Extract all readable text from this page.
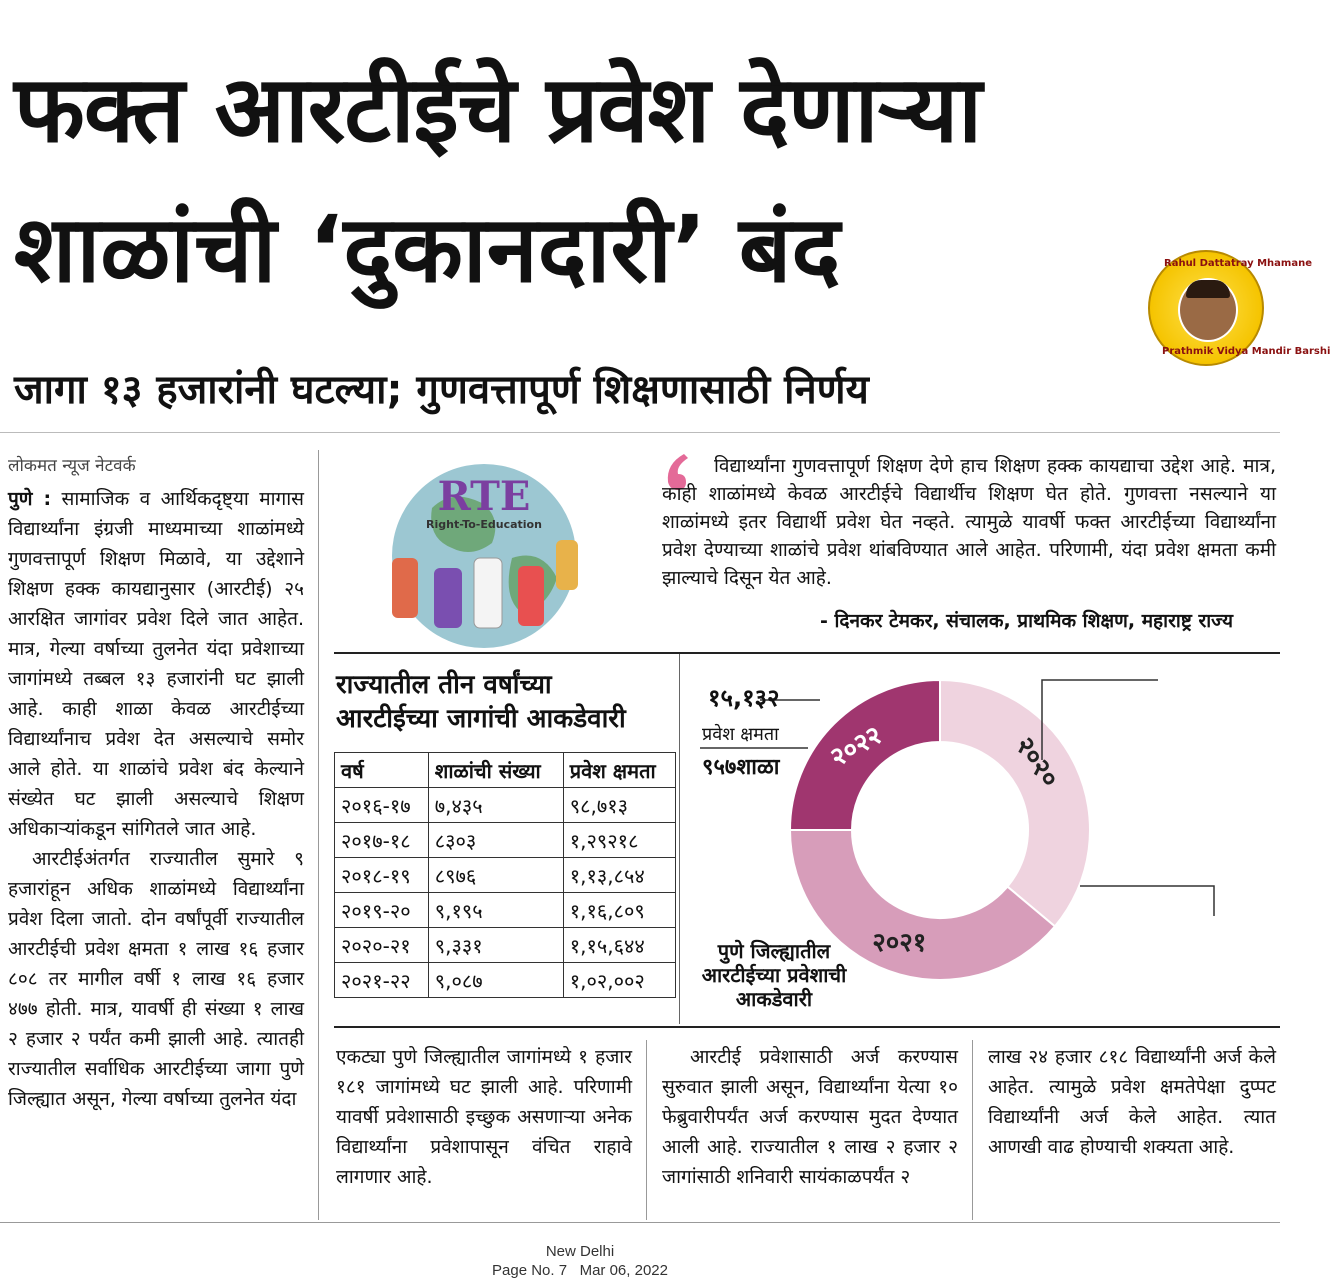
फक्त आरटीईचे प्रवेश देणाऱ्या
शाळांची ‘दुकानदारी’ बंद
जागा १३ हजारांनी घटल्या; गुणवत्तापूर्ण शिक्षणासाठी निर्णय
Rahul Dattatray Mhamane
Prathmik Vidya Mandir Barshi
लोकमत न्यूज नेटवर्क

पुणे : सामाजिक व आर्थिकदृष्ट्या मागास विद्यार्थ्यांना इंग्रजी माध्यमाच्या शाळांमध्ये गुणवत्तापूर्ण शिक्षण मिळावे, या उद्देशाने शिक्षण हक्क कायद्यानुसार (आरटीई) २५ आरक्षित जागांवर प्रवेश दिले जात आहेत. मात्र, गेल्या वर्षाच्या तुलनेत यंदा प्रवेशाच्या जागांमध्ये तब्बल १३ हजारांनी घट झाली आहे. काही शाळा केवळ आरटीईच्या विद्यार्थ्यांनाच प्रवेश देत असल्याचे समोर आले होते. या शाळांचे प्रवेश बंद केल्याने संख्येत घट झाली असल्याचे शिक्षण अधिकाऱ्यांकडून सांगितले जात आहे.

आरटीईअंतर्गत राज्यातील सुमारे ९ हजारांहून अधिक शाळांमध्ये विद्यार्थ्यांना प्रवेश दिला जातो. दोन वर्षांपूर्वी राज्यातील आरटीईची प्रवेश क्षमता १ लाख १६ हजार ८०८ तर मागील वर्षी १ लाख १६ हजार ४७७ होती. मात्र, यावर्षी ही संख्या १ लाख २ हजार २ पर्यंत कमी झाली आहे. त्यातही राज्यातील सर्वाधिक आरटीईच्या जागा पुणे जिल्ह्यात असून, गेल्या वर्षाच्या तुलनेत यंदा

RTE
Right-To-Education
विद्यार्थ्यांना गुणवत्तापूर्ण शिक्षण देणे हाच शिक्षण हक्क कायद्याचा उद्देश आहे. मात्र, काही शाळांमध्ये केवळ आरटीईचे विद्यार्थीच शिक्षण घेत होते. गुणवत्ता नसल्याने या शाळांमध्ये इतर विद्यार्थी प्रवेश घेत नव्हते. त्यामुळे यावर्षी फक्त आरटीईच्या विद्यार्थ्यांना प्रवेश देण्याच्या शाळांचे प्रवेश थांबविण्यात आले आहेत. परिणामी, यंदा प्रवेश क्षमता कमी झाल्याचे दिसून येत आहे.
- दिनकर टेमकर, संचालक, प्राथमिक शिक्षण, महाराष्ट्र राज्य
राज्यातील तीन वर्षांच्या
आरटीईच्या जागांची आकडेवारी
वर्ष	शाळांची संख्या	प्रवेश क्षमता
२०१६-१७	७,४३५	९८,७१३
२०१७-१८	८३०३	१,२९२१८
२०१८-१९	८९७६	१,१३,८५४
२०१९-२०	९,१९५	१,१६,८०९
२०२०-२१	९,३३१	१,१५,६४४
२०२१-२२	९,०८७	१,०२,००२
१५,१३२
प्रवेश क्षमता
९५७शाळा २०२२	२०२०
२०२१
पुणे जिल्ह्यातील
आरटीईच्या प्रवेशाची
आकडेवारी
एकट्या पुणे जिल्ह्यातील जागांमध्ये १ हजार १८१ जागांमध्ये घट झाली आहे. परिणामी यावर्षी प्रवेशासाठी इच्छुक असणाऱ्या अनेक विद्यार्थ्यांना प्रवेशापासून वंचित राहावे लागणार आहे.
आरटीई प्रवेशासाठी अर्ज करण्यास सुरुवात झाली असून, विद्यार्थ्यांना येत्या १० फेब्रुवारीपर्यंत अर्ज करण्यास मुदत देण्यात आली आहे. राज्यातील १ लाख २ हजार २ जागांसाठी शनिवारी सायंकाळपर्यंत २
लाख २४ हजार ८१८ विद्यार्थ्यांनी अर्ज केले आहेत. त्यामुळे प्रवेश क्षमतेपेक्षा दुप्पट विद्यार्थ्यांनी अर्ज केले आहेत. त्यात आणखी वाढ होण्याची शक्यता आहे.
New Delhi
Page No. 7 Mar 06, 2022
